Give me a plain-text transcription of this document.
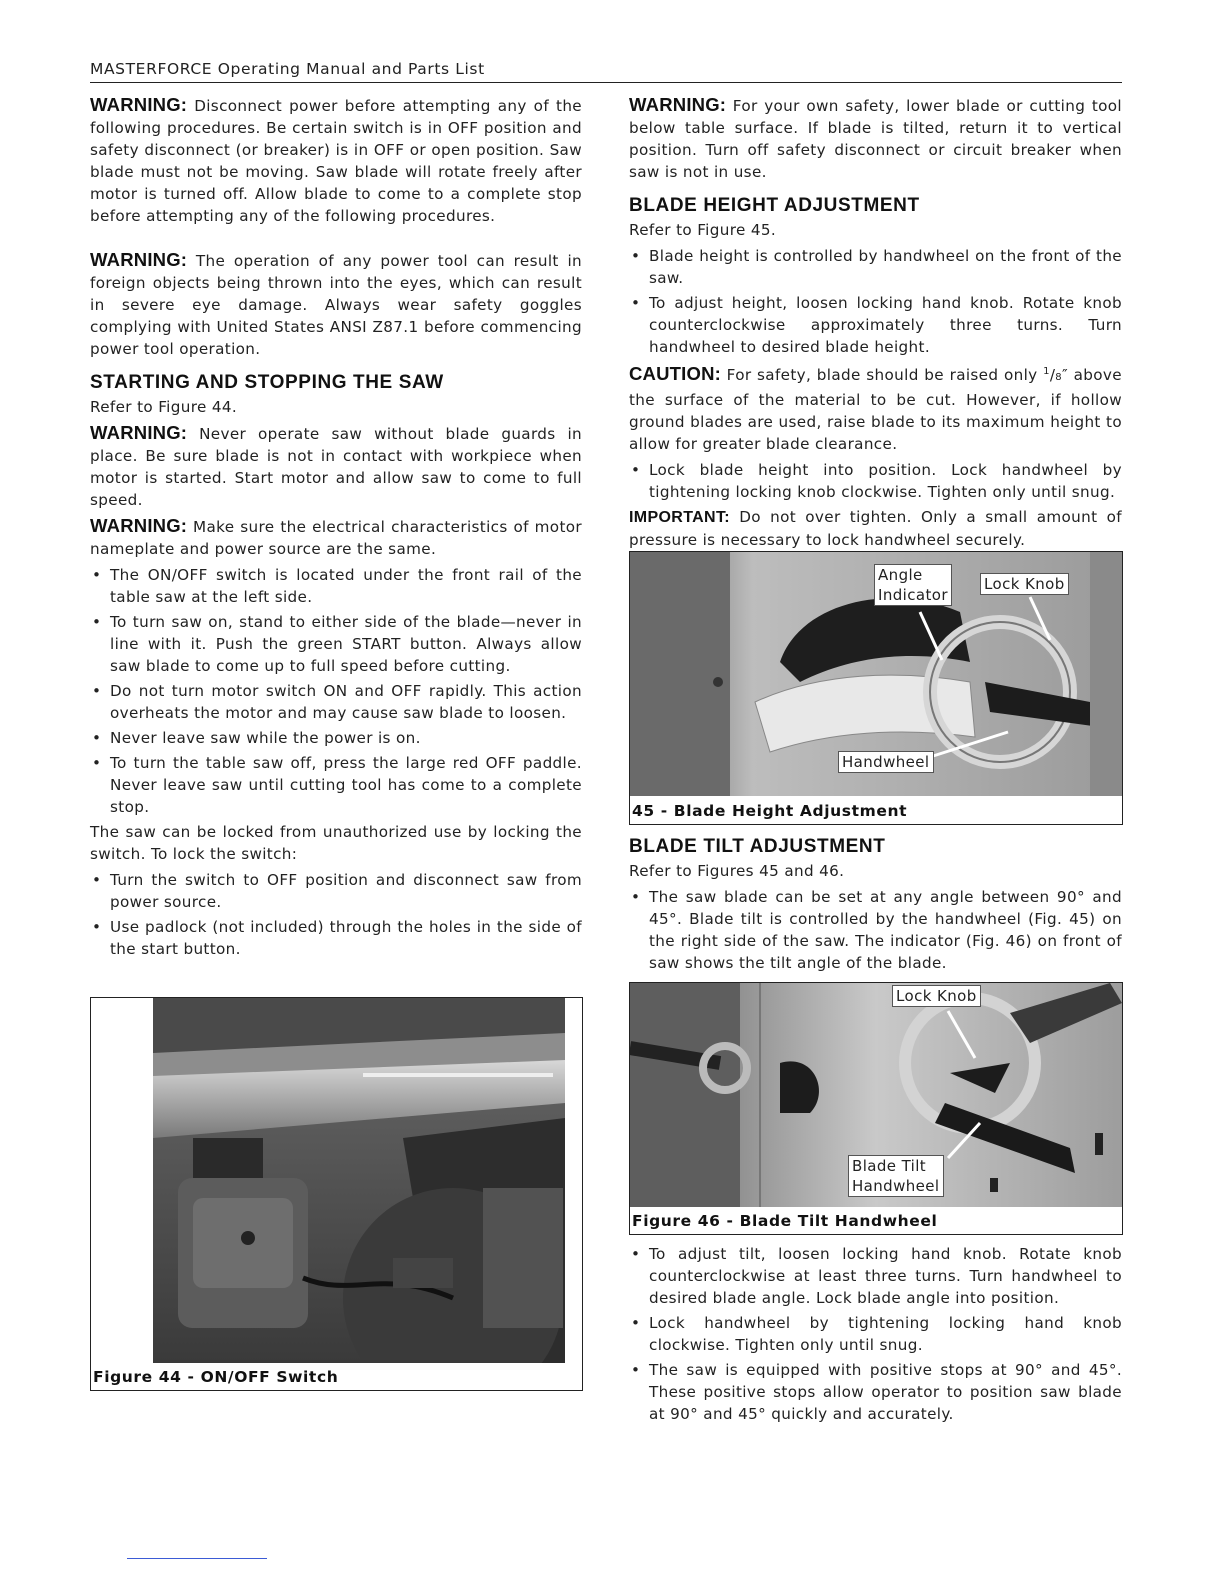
MASTERFORCE Operating Manual and Parts List

WARNING: Disconnect power before attempting any of the following procedures. Be certain switch is in OFF position and safety disconnect (or breaker) is in OFF or open position. Saw blade must not be moving. Saw blade will rotate freely after motor is turned off. Allow blade to come to a complete stop before attempting any of the following procedures.

WARNING: The operation of any power tool can result in foreign objects being thrown into the eyes, which can result in severe eye damage. Always wear safety goggles complying with United States ANSI Z87.1 before commencing power tool operation.

STARTING AND STOPPING THE SAW

Refer to Figure 44.

WARNING: Never operate saw without blade guards in place. Be sure blade is not in contact with workpiece when motor is started. Start motor and allow saw to come to full speed.

WARNING: Make sure the electrical characteristics of motor nameplate and power source are the same.

• The ON/OFF switch is located under the front rail of the table saw at the left side.
• To turn saw on, stand to either side of the blade—never in line with it. Push the green START button. Always allow saw blade to come up to full speed before cutting.
• Do not turn motor switch ON and OFF rapidly. This action overheats the motor and may cause saw blade to loosen.
• Never leave saw while the power is on.
• To turn the table saw off, press the large red OFF paddle. Never leave saw until cutting tool has come to a complete stop.

The saw can be locked from unauthorized use by locking the switch. To lock the switch:

• Turn the switch to OFF position and disconnect saw from power source.
• Use padlock (not included) through the holes in the side of the start button.
Figure 44 - ON/OFF Switch

WARNING: For your own safety, lower blade or cutting tool below table surface. If blade is tilted, return it to vertical position. Turn off safety disconnect or circuit breaker when saw is not in use.

BLADE HEIGHT ADJUSTMENT

Refer to Figure 45.

• Blade height is controlled by handwheel on the front of the saw.
• To adjust height, loosen locking hand knob. Rotate knob counterclockwise approximately three turns. Turn handwheel to desired blade height.

CAUTION: For safety, blade should be raised only $^1$/8″ above the surface of the material to be cut. However, if hollow ground blades are used, raise blade to its maximum height to allow for greater blade clearance.

• Lock blade height into position. Lock handwheel by tightening locking knob clockwise. Tighten only until snug.

IMPORTANT: Do not over tighten. Only a small amount of pressure is necessary to lock handwheel securely.

Angle
Indicator
Lock Knob
Handwheel
45 - Blade Height Adjustment
BLADE TILT ADJUSTMENT

Refer to Figures 45 and 46.

• The saw blade can be set at any angle between 90° and 45°. Blade tilt is controlled by the handwheel (Fig. 45) on the right side of the saw. The indicator (Fig. 46) on front of saw shows the tilt angle of the blade.
Lock Knob
Blade Tilt
Handwheel
Figure 46 - Blade Tilt Handwheel
• To adjust tilt, loosen locking hand knob. Rotate knob counterclockwise at least three turns. Turn handwheel to desired blade angle. Lock blade angle into position.
• Lock handwheel by tightening locking hand knob clockwise. Tighten only until snug.
• The saw is equipped with positive stops at 90° and 45°. These positive stops allow operator to position saw blade at 90° and 45° quickly and accurately.
